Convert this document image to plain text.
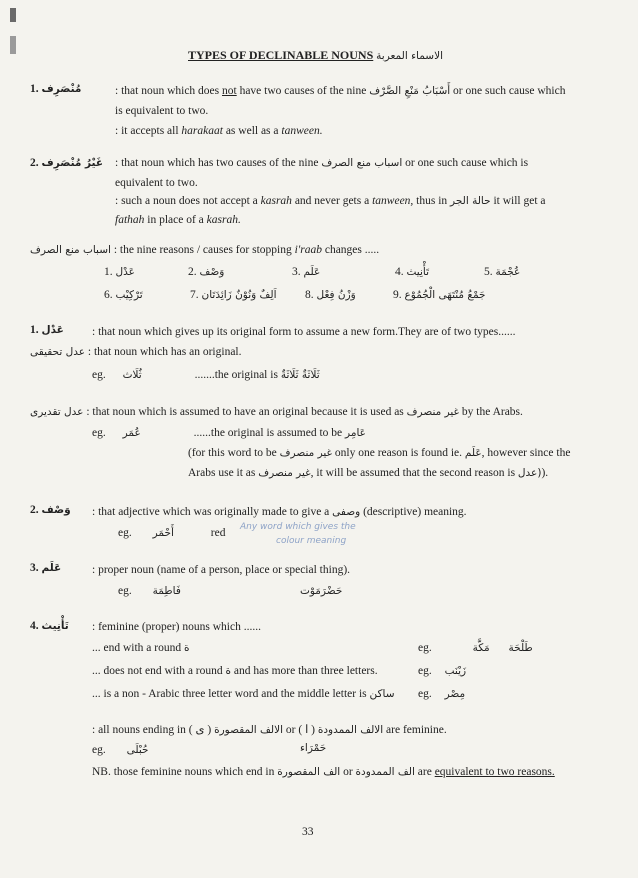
TYPES OF DECLINABLE NOUNS الاسماء المعربة
1. مُنْصَرِف	: that noun which does not have two causes of the nine أَسْبَابُ مَنْعِ الصَّرْف or one such cause which
is equivalent to two.
: it accepts all harakaat as well as a tanween.
2. غَيْرُ مُنْصَرِف : that noun which has two causes of the nine اسباب منع الصرف or one such cause which is
equivalent to two.
: such a noun does not accept a kasrah and never gets a tanween, thus in حالة الجر it will get a
fathah in place of a kasrah.
اسباب منع الصرف : the nine reasons / causes for stopping i'raab changes .....
1. عَدْل	2. وَصْف	3. عَلَم	4. تَأْنِيث	5. عُجْمَة
6. تَرْكِيْب	7. اَلِفٌ وَنُوْنٌ زَائِدَتَان 8. وَزْنُ فِعْل	9. جَمْعُ مُنْتَهَى الْجُمُوْع
1. عَدْل : that noun which gives up its original form to assume a new form.They are of two types......
عدل تحقيقى : that noun which has an original.
eg. ثُلَاث	.......the original is ثَلَاثَةٌ ثَلَاثَةٌ
عدل تقديرى : that noun which is assumed to have an original because it is used as غير منصرف by the Arabs.
eg. عُمَر	......the original is assumed to be عَامِر
(for this word to be غير منصرف only one reason is found ie. عَلَم, however since the
Arabs use it as غير منصرف, it will be assumed that the second reason is (عدل).
2. وَصْف : that adjective which was originally made to give a وصفى (descriptive) meaning.
eg. أَحْمَر	red Any word which gives the
colour meaning
3. عَلَم	: proper noun (name of a person, place or special thing).
eg. فَاطِمَة	حَضْرَمَوْت
4. تَأْنِيث : feminine (proper) nouns which ......
... end with a round ة	eg.	طَلْحَة مَكَّة
... does not end with a round ة and has more than three letters.	eg. زَيْنَب
... is a non - Arabic three letter word and the middle letter is ساكن eg. مِصْر
: all nouns ending in	الالف المقصورة ( ى ) or الالف الممدودة ( ا ) are feminine.
eg. حُبْلَى	حَمْرَاء
NB. those feminine nouns which end in الف المقصورة or الف الممدودة are equivalent to two reasons.
33
